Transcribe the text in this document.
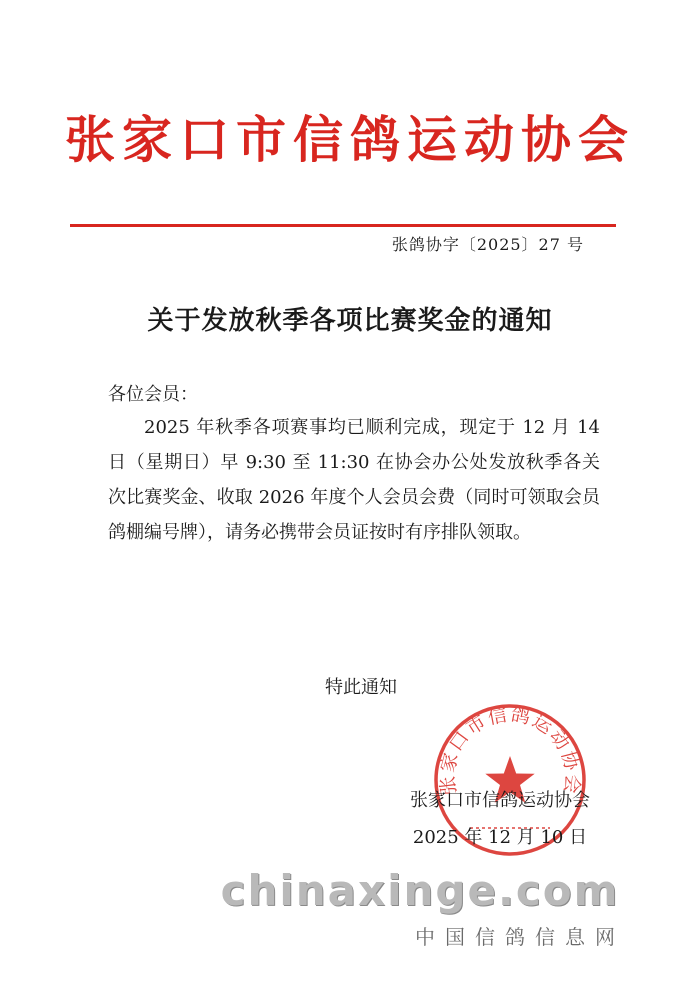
张家口市信鸽运动协会
张鸽协字〔2025〕27 号
关于发放秋季各项比赛奖金的通知
各位会员：
2025 年秋季各项赛事均已顺利完成，现定于 12 月 14 日（星期日）早 9:30 至 11:30 在协会办公处发放秋季各关次比赛奖金、收取 2026 年度个人会员会费（同时可领取会员鸽棚编号牌），请务必携带会员证按时有序排队领取。
特此通知
张家口市信鸽运动协会
张家口市信鸽运动协会
2025 年 12 月 10 日
chinaxinge.com
中国信鸽信息网
